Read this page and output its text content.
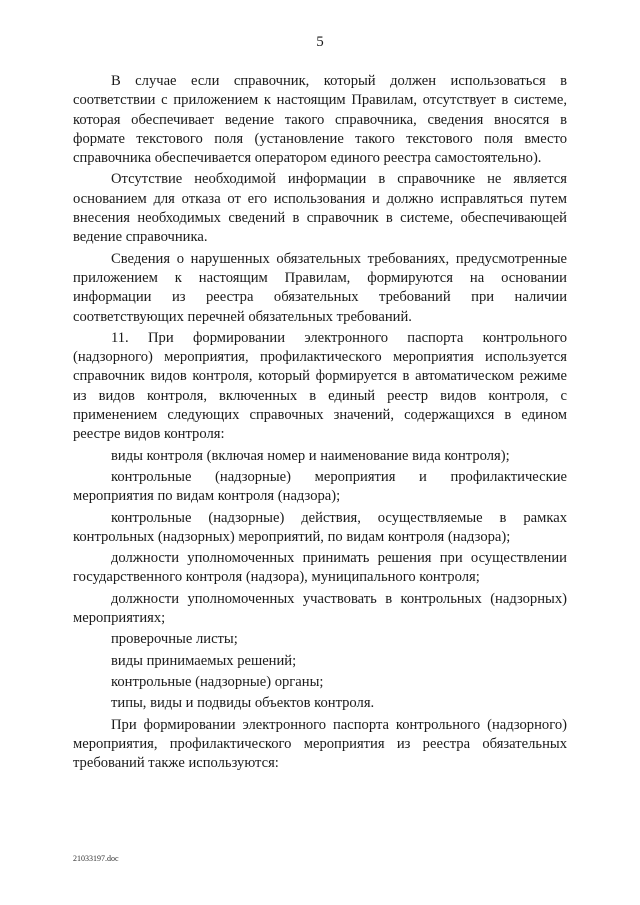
5

В случае если справочник, который должен использоваться в соответствии с приложением к настоящим Правилам, отсутствует в системе, которая обеспечивает ведение такого справочника, сведения вносятся в формате текстового поля (установление такого текстового поля вместо справочника обеспечивается оператором единого реестра самостоятельно).

Отсутствие необходимой информации в справочнике не является основанием для отказа от его использования и должно исправляться путем внесения необходимых сведений в справочник в системе, обеспечивающей ведение справочника.

Сведения о нарушенных обязательных требованиях, предусмотренные приложением к настоящим Правилам, формируются на основании информации из реестра обязательных требований при наличии соответствующих перечней обязательных требований.

11. При формировании электронного паспорта контрольного (надзорного) мероприятия, профилактического мероприятия используется справочник видов контроля, который формируется в автоматическом режиме из видов контроля, включенных в единый реестр видов контроля, с применением следующих справочных значений, содержащихся в едином реестре видов контроля:

виды контроля (включая номер и наименование вида контроля);

контрольные (надзорные) мероприятия и профилактические мероприятия по видам контроля (надзора);

контрольные (надзорные) действия, осуществляемые в рамках контрольных (надзорных) мероприятий, по видам контроля (надзора);

должности уполномоченных принимать решения при осуществлении государственного контроля (надзора), муниципального контроля;

должности уполномоченных участвовать в контрольных (надзорных) мероприятиях;

проверочные листы;

виды принимаемых решений;

контрольные (надзорные) органы;

типы, виды и подвиды объектов контроля.

При формировании электронного паспорта контрольного (надзорного) мероприятия, профилактического мероприятия из реестра обязательных требований также используются:

21033197.doc
